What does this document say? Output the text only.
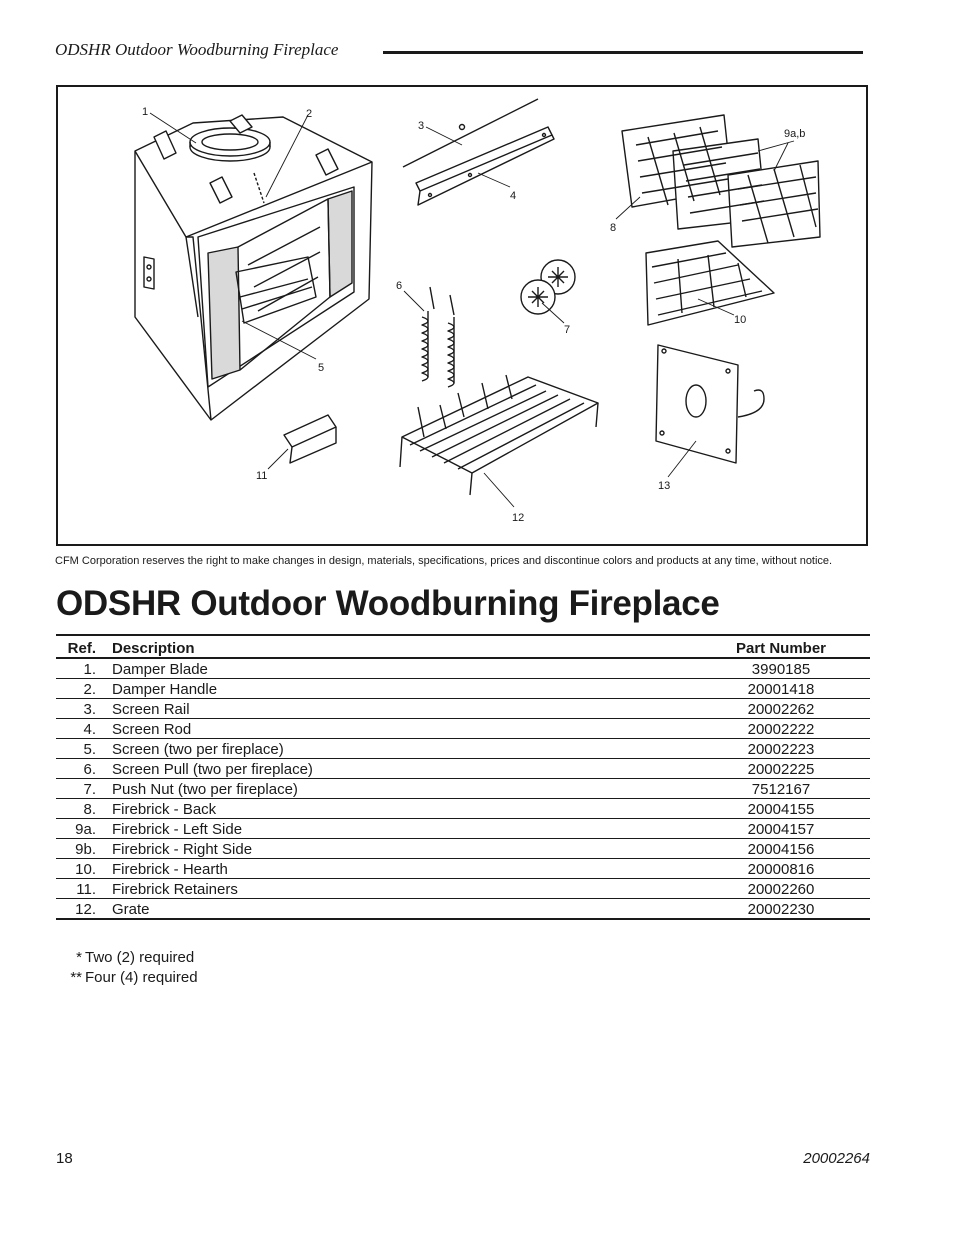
ODSHR Outdoor Woodburning Fireplace
1	2
3
4
5
6
7
8
9a,b
10
11
12
13
CFM Corporation reserves the right to make changes in design, materials, specifications, prices and discontinue colors and products at any time, without notice.
ODSHR Outdoor Woodburning Fireplace
Ref.		Description	Part Number
1.		Damper Blade	3990185
2.		Damper Handle	20001418
3.		Screen Rail	20002262
4.		Screen Rod	20002222
5.		Screen (two per fireplace)	20002223
6.		Screen Pull (two per fireplace)	20002225
7.		Push Nut (two per fireplace)	7512167
8.		Firebrick - Back	20004155
9a.		Firebrick - Left Side	20004157
9b.		Firebrick - Right Side	20004156
10.		Firebrick - Hearth	20000816
11.		Firebrick Retainers	20002260
12.		Grate	20002230
* Two (2) required
** Four (4) required
18	20002264
